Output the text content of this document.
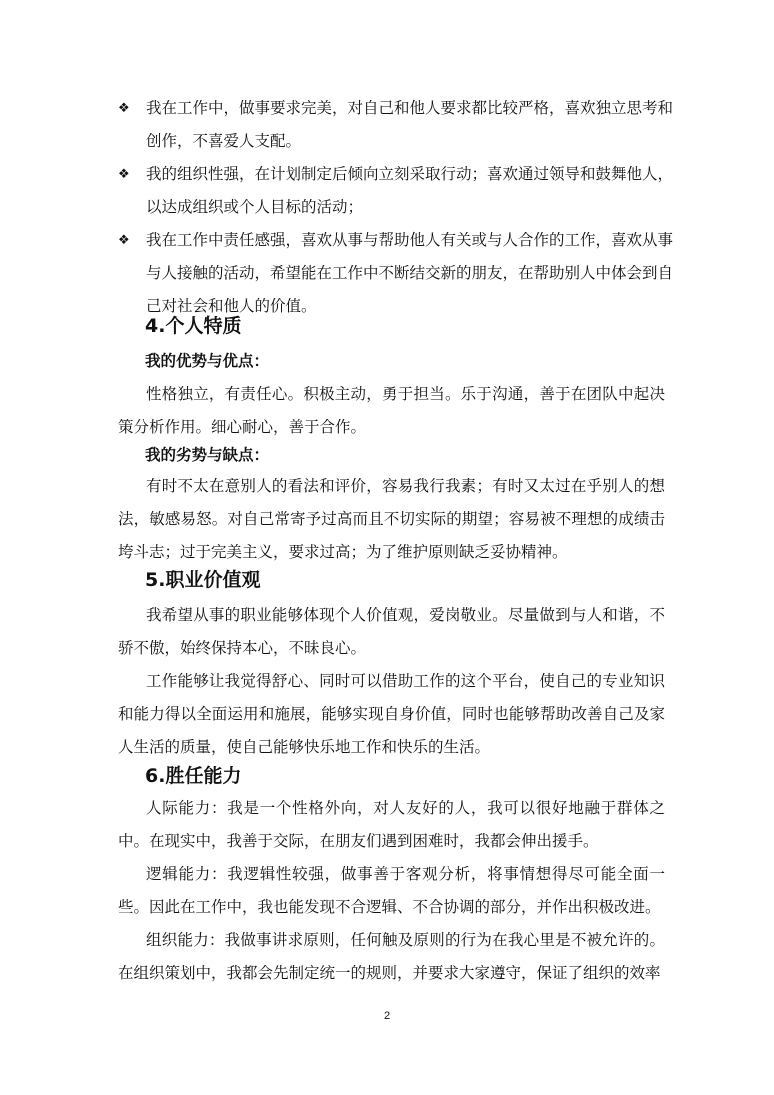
❖ 我在工作中，做事要求完美，对自己和他人要求都比较严格，喜欢独立思考和创作，不喜爱人支配。
❖ 我的组织性强，在计划制定后倾向立刻采取行动；喜欢通过领导和鼓舞他人，以达成组织或个人目标的活动；
❖ 我在工作中责任感强，喜欢从事与帮助他人有关或与人合作的工作，喜欢从事与人接触的活动，希望能在工作中不断结交新的朋友，在帮助别人中体会到自己对社会和他人的价值。
4.个人特质
我的优势与优点：

性格独立，有责任心。积极主动，勇于担当。乐于沟通，善于在团队中起决策分析作用。细心耐心，善于合作。

我的劣势与缺点：

有时不太在意别人的看法和评价，容易我行我素；有时又太过在乎别人的想法，敏感易怒。对自己常寄予过高而且不切实际的期望；容易被不理想的成绩击垮斗志；过于完美主义，要求过高；为了维护原则缺乏妥协精神。

5.职业价值观

我希望从事的职业能够体现个人价值观，爱岗敬业。尽量做到与人和谐，不骄不傲，始终保持本心，不昧良心。

工作能够让我觉得舒心、同时可以借助工作的这个平台，使自己的专业知识和能力得以全面运用和施展，能够实现自身价值，同时也能够帮助改善自己及家人生活的质量，使自己能够快乐地工作和快乐的生活。

6.胜任能力

人际能力：我是一个性格外向，对人友好的人，我可以很好地融于群体之中。在现实中，我善于交际，在朋友们遇到困难时，我都会伸出援手。

逻辑能力：我逻辑性较强，做事善于客观分析，将事情想得尽可能全面一些。因此在工作中，我也能发现不合逻辑、不合协调的部分，并作出积极改进。

组织能力：我做事讲求原则，任何触及原则的行为在我心里是不被允许的。在组织策划中，我都会先制定统一的规则，并要求大家遵守，保证了组织的效率

2
